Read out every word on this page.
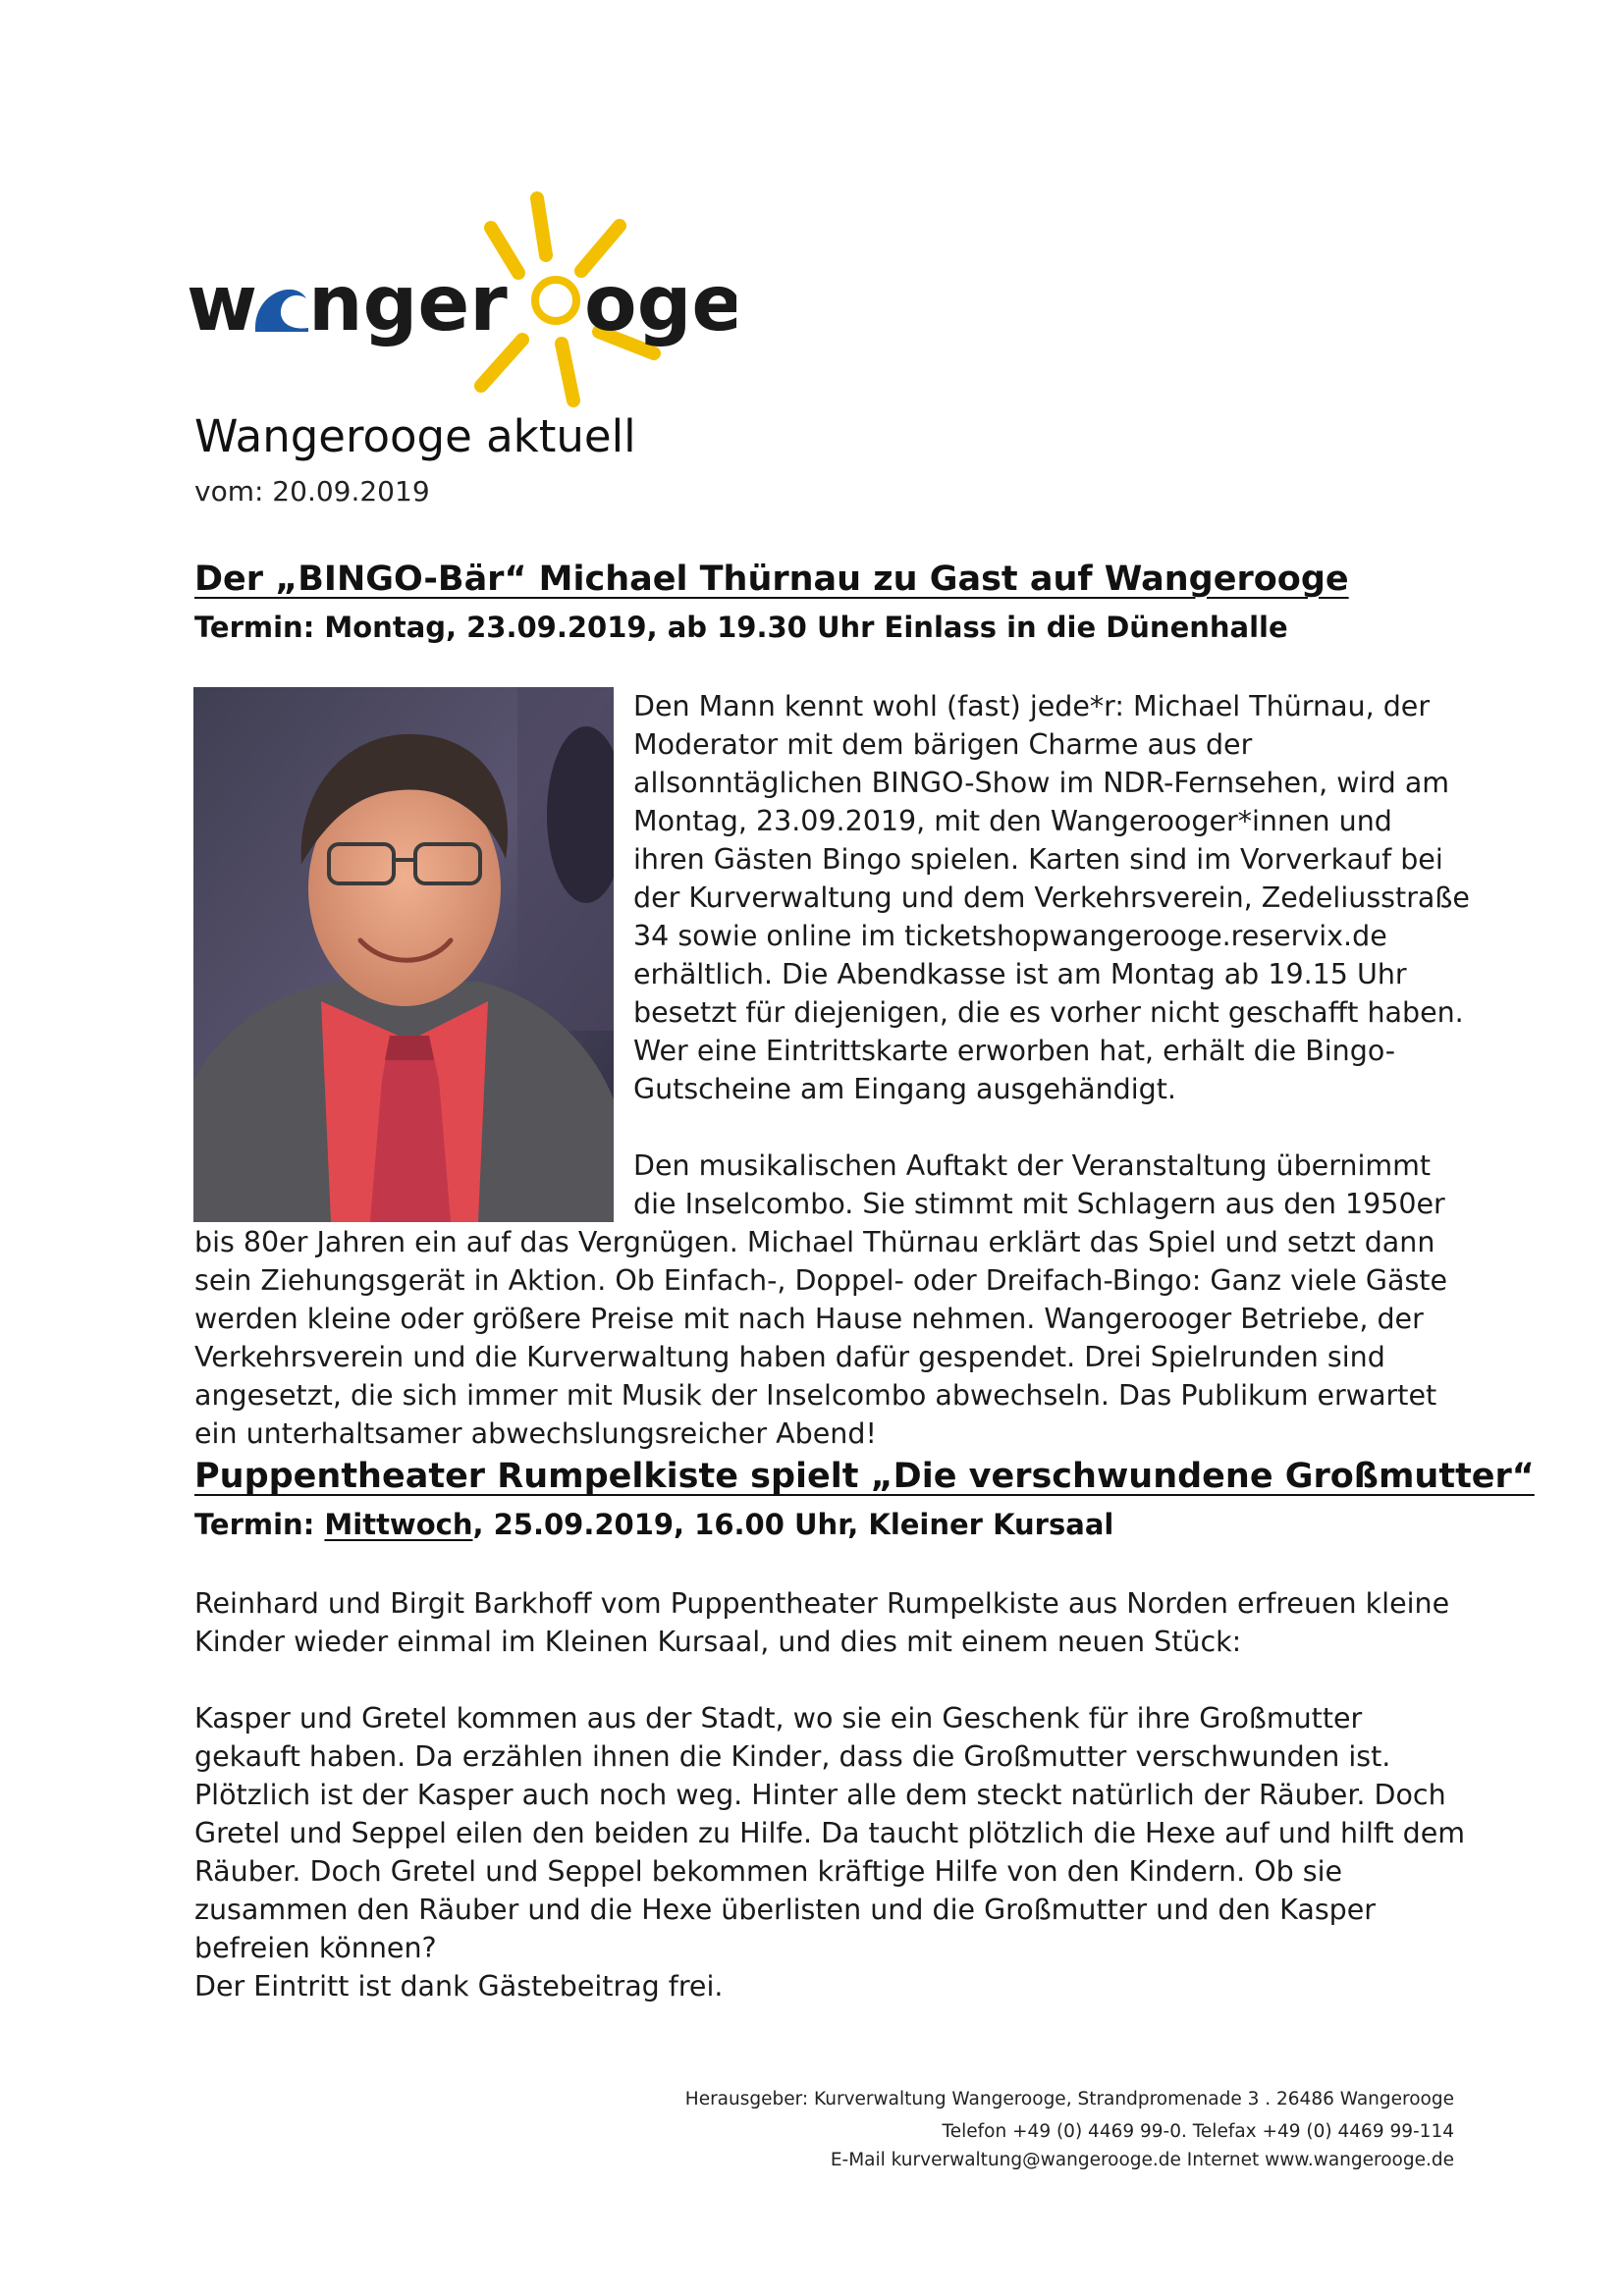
w nger oge
Wangerooge aktuell
vom: 20.09.2019
Der „BINGO-Bär“ Michael Thürnau zu Gast auf Wangerooge
Termin: Montag, 23.09.2019, ab 19.30 Uhr Einlass in die Dünenhalle

Den Mann kennt wohl (fast) jede*r: Michael Thürnau, der Moderator mit dem bärigen Charme aus der allsonntäglichen BINGO-Show im NDR-Fernsehen, wird am Montag, 23.09.2019, mit den Wangerooger*innen und ihren Gästen Bingo spielen. Karten sind im Vorverkauf bei der Kurverwaltung und dem Verkehrsverein, Zedeliusstraße 34 sowie online im ticketshopwangerooge.reservix.de erhältlich. Die Abendkasse ist am Montag ab 19.15 Uhr besetzt für diejenigen, die es vorher nicht geschafft haben. Wer eine Eintrittskarte erworben hat, erhält die Bingo-Gutscheine am Eingang ausgehändigt.

Den musikalischen Auftakt der Veranstaltung übernimmt die Inselcombo. Sie stimmt mit Schlagern aus den 1950er bis 80er Jahren ein auf das Vergnügen. Michael Thürnau erklärt das Spiel und setzt dann sein Ziehungsgerät in Aktion. Ob Einfach-, Doppel- oder Dreifach-Bingo: Ganz viele Gäste werden kleine oder größere Preise mit nach Hause nehmen. Wangerooger Betriebe, der Verkehrsverein und die Kurverwaltung haben dafür gespendet. Drei Spielrunden sind angesetzt, die sich immer mit Musik der Inselcombo abwechseln. Das Publikum erwartet ein unterhaltsamer abwechslungsreicher Abend!

Puppentheater Rumpelkiste spielt „Die verschwundene Großmutter“
Termin: Mittwoch, 25.09.2019, 16.00 Uhr, Kleiner Kursaal
Reinhard und Birgit Barkhoff vom Puppentheater Rumpelkiste aus Norden erfreuen kleine Kinder wieder einmal im Kleinen Kursaal, und dies mit einem neuen Stück:
Kasper und Gretel kommen aus der Stadt, wo sie ein Geschenk für ihre Großmutter gekauft haben. Da erzählen ihnen die Kinder, dass die Großmutter verschwunden ist. Plötzlich ist der Kasper auch noch weg. Hinter alle dem steckt natürlich der Räuber. Doch Gretel und Seppel eilen den beiden zu Hilfe. Da taucht plötzlich die Hexe auf und hilft dem Räuber. Doch Gretel und Seppel bekommen kräftige Hilfe von den Kindern. Ob sie zusammen den Räuber und die Hexe überlisten und die Großmutter und den Kasper befreien können?
Der Eintritt ist dank Gästebeitrag frei.
Herausgeber: Kurverwaltung Wangerooge, Strandpromenade 3 . 26486 Wangerooge
Telefon +49 (0) 4469 99-0. Telefax +49 (0) 4469 99-114
E-Mail kurverwaltung@wangerooge.de Internet www.wangerooge.de
